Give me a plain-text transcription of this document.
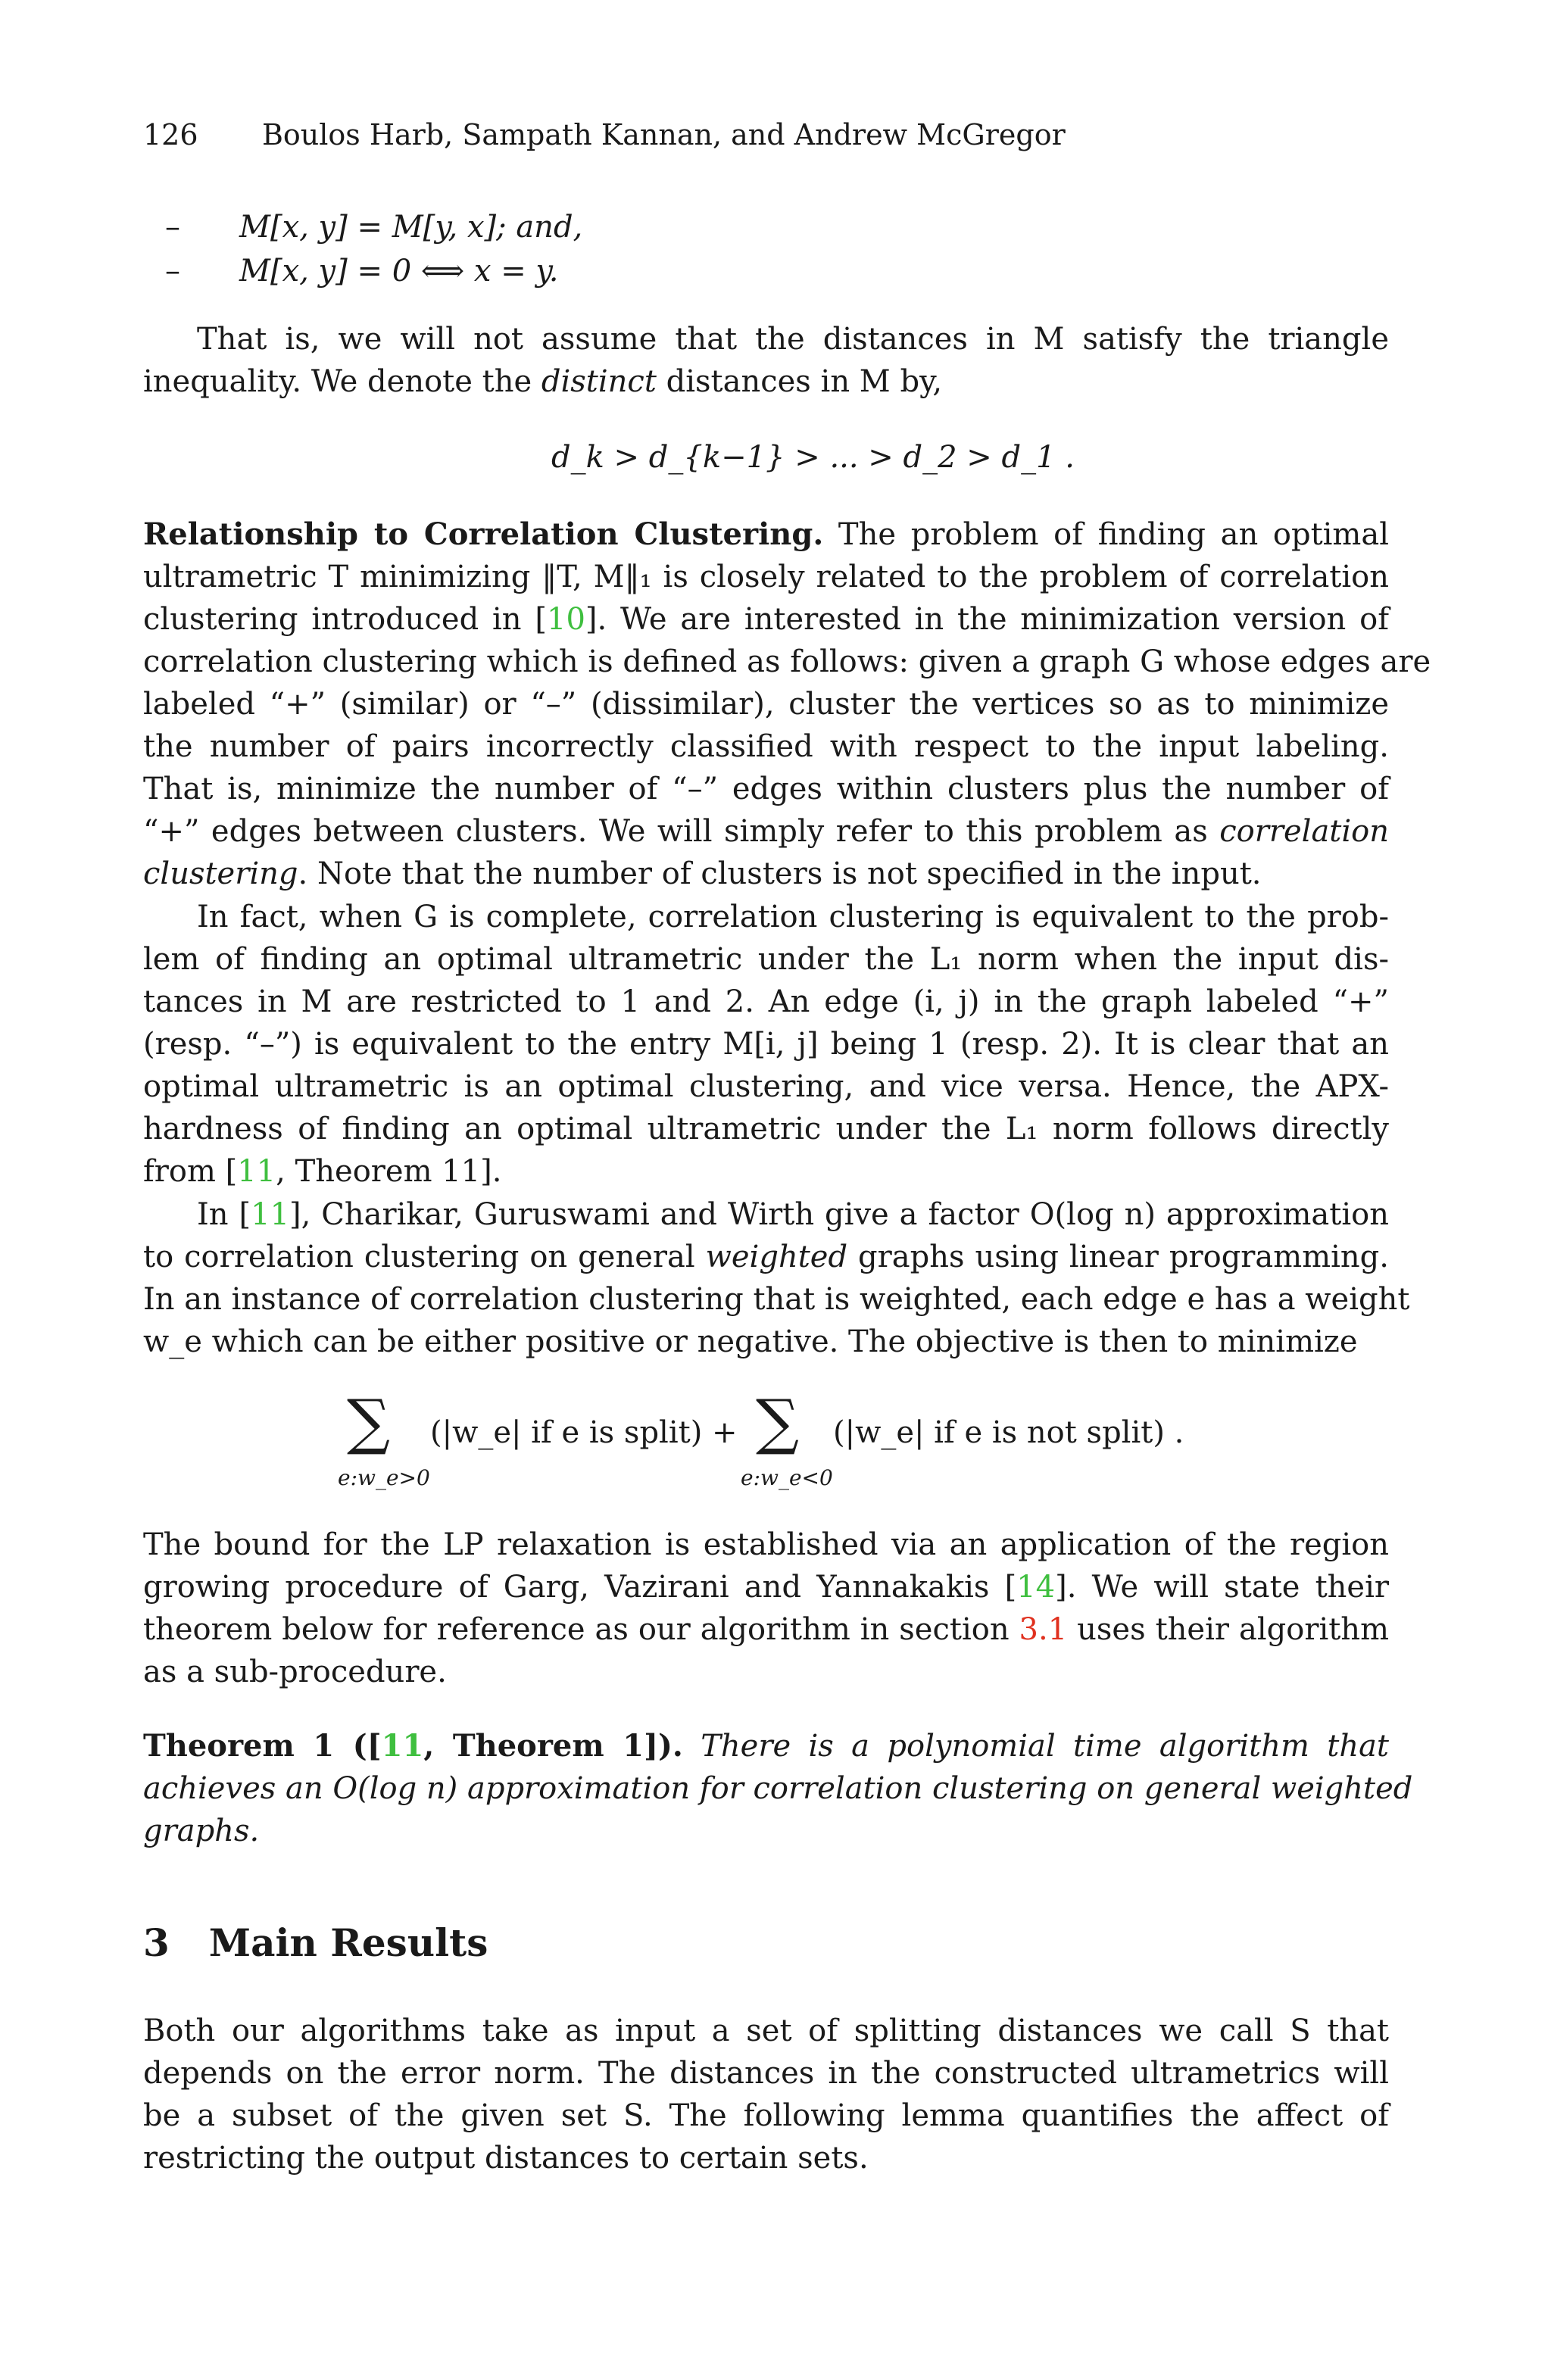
126 Boulos Harb, Sampath Kannan, and Andrew McGregor
– M[x, y] = M[y, x]; and,
– M[x, y] = 0 ⟺ x = y.
That is, we will not assume that the distances in M satisfy the triangle
inequality. We denote the distinct distances in M by,
d_k > d_{k−1} > ... > d_2 > d_1 .
Relationship to Correlation Clustering. The problem of finding an optimal
ultrametric T minimizing ‖T, M‖₁ is closely related to the problem of correlation
clustering introduced in [10]. We are interested in the minimization version of
correlation clustering which is defined as follows: given a graph G whose edges are
labeled “+” (similar) or “–” (dissimilar), cluster the vertices so as to minimize
the number of pairs incorrectly classified with respect to the input labeling.
That is, minimize the number of “–” edges within clusters plus the number of
“+” edges between clusters. We will simply refer to this problem as correlation
clustering. Note that the number of clusters is not specified in the input.
In fact, when G is complete, correlation clustering is equivalent to the prob-
lem of finding an optimal ultrametric under the L₁ norm when the input dis-
tances in M are restricted to 1 and 2. An edge (i, j) in the graph labeled “+”
(resp. “–”) is equivalent to the entry M[i, j] being 1 (resp. 2). It is clear that an
optimal ultrametric is an optimal clustering, and vice versa. Hence, the APX-
hardness of finding an optimal ultrametric under the L₁ norm follows directly
from [11, Theorem 11].
In [11], Charikar, Guruswami and Wirth give a factor O(log n) approximation
to correlation clustering on general weighted graphs using linear programming.
In an instance of correlation clustering that is weighted, each edge e has a weight
w_e which can be either positive or negative. The objective is then to minimize
∑ (|w_e| if e is split) +
e:w_e>0
∑ (|w_e| if e is not split) .
e:w_e<0
The bound for the LP relaxation is established via an application of the region
growing procedure of Garg, Vazirani and Yannakakis [14]. We will state their
theorem below for reference as our algorithm in section 3.1 uses their algorithm
as a sub-procedure.
Theorem 1 ([11, Theorem 1]). There is a polynomial time algorithm that
achieves an O(log n) approximation for correlation clustering on general weighted
graphs.
3 Main Results
Both our algorithms take as input a set of splitting distances we call S that
depends on the error norm. The distances in the constructed ultrametrics will
be a subset of the given set S. The following lemma quantifies the affect of
restricting the output distances to certain sets.
